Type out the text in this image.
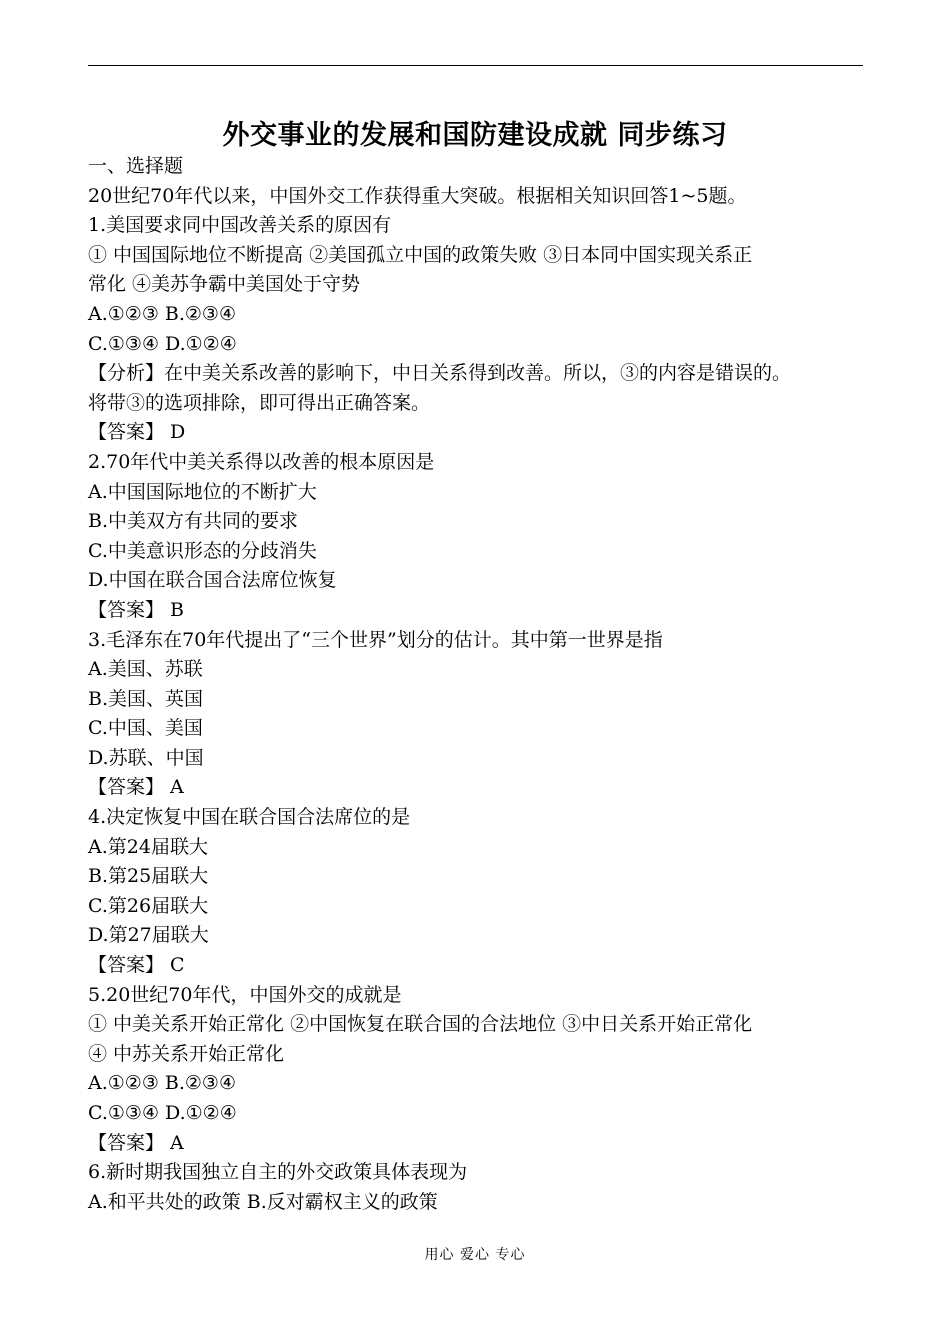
外交事业的发展和国防建设成就 同步练习
一、选择题
20世纪70年代以来，中国外交工作获得重大突破。根据相关知识回答1~5题。
1.美国要求同中国改善关系的原因有
① 中国国际地位不断提高 ②美国孤立中国的政策失败 ③日本同中国实现关系正
常化 ④美苏争霸中美国处于守势
A.①②③ B.②③④
C.①③④ D.①②④
【分析】在中美关系改善的影响下，中日关系得到改善。所以，③的内容是错误的。
将带③的选项排除，即可得出正确答案。
【答案】 D
2.70年代中美关系得以改善的根本原因是
A.中国国际地位的不断扩大
B.中美双方有共同的要求
C.中美意识形态的分歧消失
D.中国在联合国合法席位恢复
【答案】 B
3.毛泽东在70年代提出了“三个世界”划分的估计。其中第一世界是指
A.美国、苏联
B.美国、英国
C.中国、美国
D.苏联、中国
【答案】 A
4.决定恢复中国在联合国合法席位的是
A.第24届联大
B.第25届联大
C.第26届联大
D.第27届联大
【答案】 C
5.20世纪70年代，中国外交的成就是
① 中美关系开始正常化 ②中国恢复在联合国的合法地位 ③中日关系开始正常化
④ 中苏关系开始正常化
A.①②③ B.②③④
C.①③④ D.①②④
【答案】 A
6.新时期我国独立自主的外交政策具体表现为
A.和平共处的政策 B.反对霸权主义的政策
用心 爱心 专心
